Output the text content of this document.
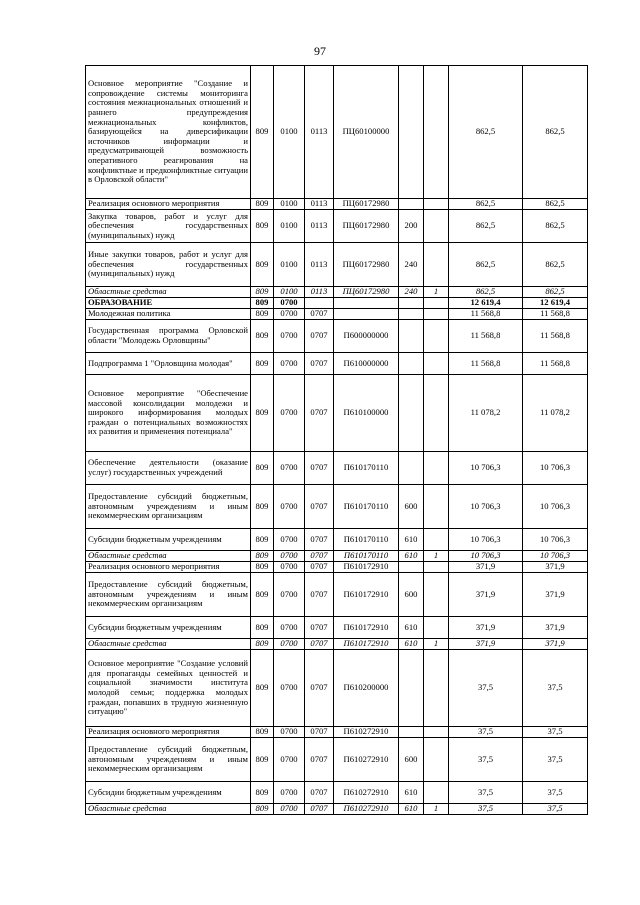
97
Основное мероприятие "Создание и сопровождение системы мониторинга состояния межнациональных отношений и раннего предупреждения межнациональных конфликтов, базирующейся на диверсификации источников информации и предусматривающей возможность оперативного реагирования на конфликтные и предконфликтные ситуации в Орловской области"	809	0100	0113	ПЦ60100000			862,5	862,5
Реализация основного мероприятия	809	0100	0113	ПЦ60172980			862,5	862,5
Закупка товаров, работ и услуг для обеспечения государственных (муниципальных) нужд	809	0100	0113	ПЦ60172980	200		862,5	862,5
Иные закупки товаров, работ и услуг для обеспечения государственных (муниципальных) нужд	809	0100	0113	ПЦ60172980	240		862,5	862,5
Областные средства	809	0100	0113	ПЦ60172980	240	1	862,5	862,5
ОБРАЗОВАНИЕ	809	0700					12 619,4	12 619,4
Молодежная политика	809	0700	0707				11 568,8	11 568,8
Государственная программа Орловской области "Молодежь Орловщины"	809	0700	0707	П600000000			11 568,8	11 568,8
Подпрограмма 1 "Орловщина молодая"	809	0700	0707	П610000000			11 568,8	11 568,8
Основное мероприятие "Обеспечение массовой консолидации молодежи и широкого информирования молодых граждан о потенциальных возможностях их развития и применения потенциала"	809	0700	0707	П610100000			11 078,2	11 078,2
Обеспечение деятельности (оказание услуг) государственных учреждений	809	0700	0707	П610170110			10 706,3	10 706,3
Предоставление субсидий бюджетным, автономным учреждениям и иным некоммерческим организациям	809	0700	0707	П610170110	600		10 706,3	10 706,3
Субсидии бюджетным учреждениям	809	0700	0707	П610170110	610		10 706,3	10 706,3
Областные средства	809	0700	0707	П610170110	610	1	10 706,3	10 706,3
Реализация основного мероприятия	809	0700	0707	П610172910			371,9	371,9
Предоставление субсидий бюджетным, автономным учреждениям и иным некоммерческим организациям	809	0700	0707	П610172910	600		371,9	371,9
Субсидии бюджетным учреждениям	809	0700	0707	П610172910	610		371,9	371,9
Областные средства	809	0700	0707	П610172910	610	1	371,9	371,9
Основное мероприятие "Создание условий для пропаганды семейных ценностей и социальной значимости института молодой семьи; поддержка молодых граждан, попавших в трудную жизненную ситуацию"	809	0700	0707	П610200000			37,5	37,5
Реализация основного мероприятия	809	0700	0707	П610272910			37,5	37,5
Предоставление субсидий бюджетным, автономным учреждениям и иным некоммерческим организациям	809	0700	0707	П610272910	600		37,5	37,5
Субсидии бюджетным учреждениям	809	0700	0707	П610272910	610		37,5	37,5
Областные средства	809	0700	0707	П610272910	610	1	37,5	37,5
